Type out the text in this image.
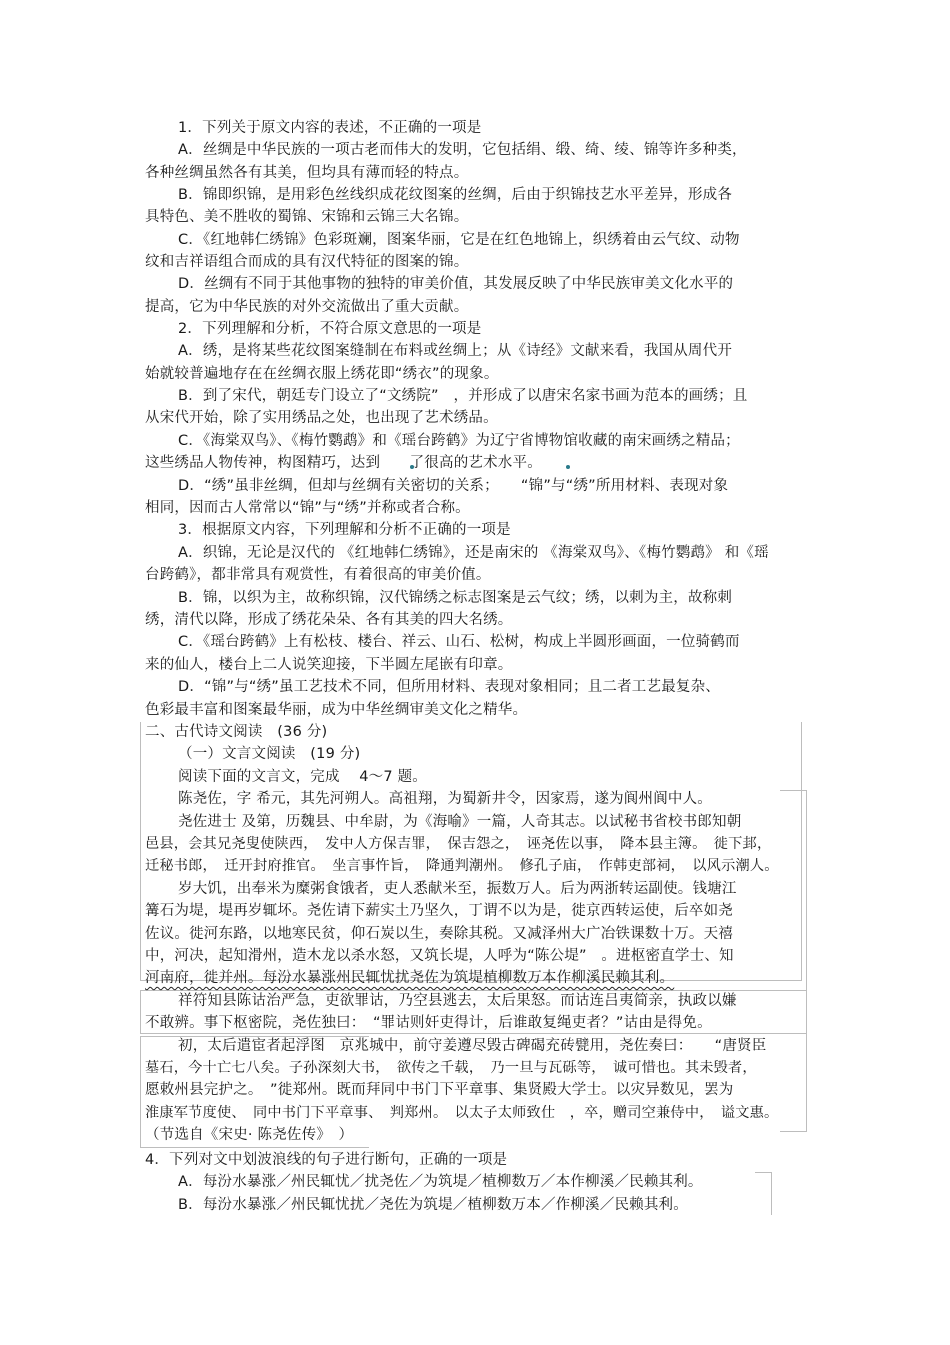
1．下列关于原文内容的表述，不正确的一项是
A．丝绸是中华民族的一项古老而伟大的发明，它包括绢、缎、绮、绫、锦等许多种类，
各种丝绸虽然各有其美，但均具有薄而轻的特点。
B．锦即织锦，是用彩色丝线织成花纹图案的丝绸，后由于织锦技艺水平差异，形成各
具特色、美不胜收的蜀锦、宋锦和云锦三大名锦。
C．《红地韩仁绣锦》色彩斑斓，图案华丽，它是在红色地锦上，织绣着由云气纹、动物
纹和吉祥语组合而成的具有汉代特征的图案的锦。
D．丝绸有不同于其他事物的独特的审美价值，其发展反映了中华民族审美文化水平的
提高，它为中华民族的对外交流做出了重大贡献。
2．下列理解和分析，不符合原文意思的一项是
A．绣，是将某些花纹图案缝制在布料或丝绸上；从《诗经》文献来看，我国从周代开
始就较普遍地存在在丝绸衣服上绣花即“绣衣”的现象。
B．到了宋代，朝廷专门设立了“文绣院”　，并形成了以唐宋名家书画为范本的画绣；且
从宋代开始，除了实用绣品之处，也出现了艺术绣品。
C．《海棠双鸟》、《梅竹鹦鹉》和《瑶台跨鹤》为辽宁省博物馆收藏的南宋画绣之精品；
这些绣品人物传神，构图精巧，达到　　了很高的艺术水平。
D．“绣”虽非丝绸，但却与丝绸有关密切的关系；　　“锦”与“绣”所用材料、表现对象
相同，因而古人常常以“锦”与“绣”并称或者合称。
3．根据原文内容，下列理解和分析不正确的一项是
A．织锦，无论是汉代的 《红地韩仁绣锦》，还是南宋的 《海棠双鸟》、《梅竹鹦鹉》 和《瑶
台跨鹤》，都非常具有观赏性，有着很高的审美价值。
B．锦，以织为主，故称织锦，汉代锦绣之标志图案是云气纹；绣，以刺为主，故称刺
绣，清代以降，形成了绣花朵朵、各有其美的四大名绣。
C．《瑶台跨鹤》上有松枝、楼台、祥云、山石、松树，构成上半圆形画面，一位骑鹤而
来的仙人，楼台上二人说笑迎接，下半圆左尾嵌有印章。
D．“锦”与“绣”虽工艺技术不同，但所用材料、表现对象相同；且二者工艺最复杂、
色彩最丰富和图案最华丽，成为中华丝绸审美文化之精华。
二、古代诗文阅读　(36 分)
（一）文言文阅读　(19 分)
阅读下面的文言文，完成　 4～7 题。
陈尧佐，字 希元，其先河朔人。高祖翔，为蜀新井令，因家焉，遂为阆州阆中人。
尧佐进士 及第，历魏县、中牟尉，为《海喻》一篇，人奇其志。以试秘书省校书郎知朝
邑县，会其兄尧叟使陕西，　发中人方保吉罪，　保吉怨之，　诬尧佐以事，　降本县主簿。　徙下邽，
迁秘书郎，　迁开封府推官。　坐言事忤旨，　降通判潮州。　修孔子庙，　作韩吏部祠，　以风示潮人。
岁大饥，出奉米为糜粥食饿者，吏人悉献米至，振数万人。后为两浙转运副使。钱塘江
篝石为堤，堤再岁辄坏。尧佐请下薪实土乃坚久，丁谓不以为是，徙京西转运使，后卒如尧
佐议。徙河东路，以地寒民贫，仰石炭以生，奏除其税。又减泽州大广冶铁课数十万。天禧
中，河决，起知滑州，造木龙以杀水怒，又筑长堤，人呼为“陈公堤”　。进枢密直学士、知
河南府，徙并州。每汾水暴涨州民辄忧扰尧佐为筑堤植柳数万本作柳溪民赖其利。
祥符知县陈诂治严急，吏欲罪诂，乃空县逃去，太后果怒。而诂连吕夷简亲，执政以嫌
不敢辨。事下枢密院，尧佐独曰：　“罪诂则奸吏得计，后谁敢复绳吏者？”诂由是得免。
初，太后遣宦者起浮图　京兆城中，前守姜遵尽毁古碑碣充砖甓用，尧佐奏曰：　　“唐贤臣
墓石，今十亡七八矣。子孙深刻大书，　欲传之千载，　乃一旦与瓦砾等，　诚可惜也。其未毁者，
愿敕州县完护之。　”徙郑州。既而拜同中书门下平章事、集贤殿大学士。以灾异数见，罢为
淮康军节度使、　同中书门下平章事、　判郑州。　以太子太师致仕　，卒，赠司空兼侍中，　谥文惠。
（节选自《宋史· 陈尧佐传》　）
4．下列对文中划波浪线的句子进行断句，正确的一项是
A．每汾水暴涨／州民辄忧／扰尧佐／为筑堤／植柳数万／本作柳溪／民赖其利。
B．每汾水暴涨／州民辄忧扰／尧佐为筑堤／植柳数万本／作柳溪／民赖其利。
